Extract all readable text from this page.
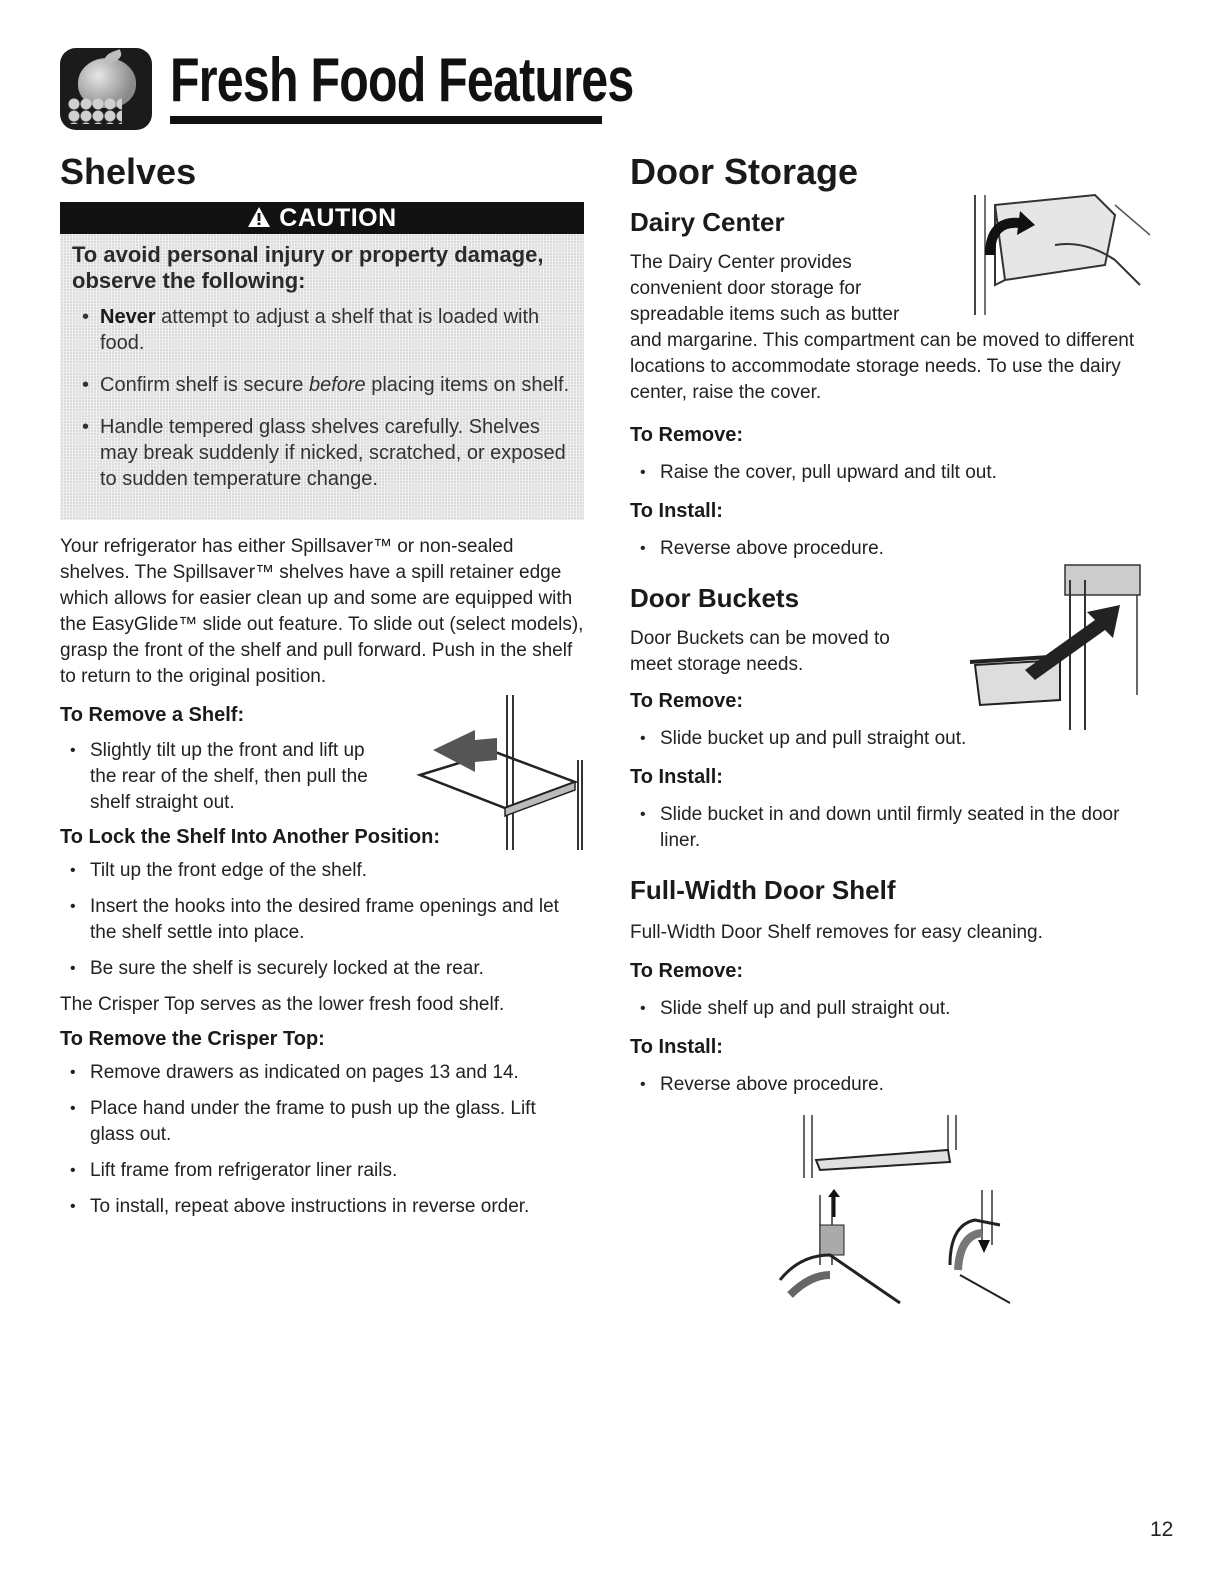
Fresh Food Features
Shelves
CAUTION
To avoid personal injury or property damage, observe the following:
• Never attempt to adjust a shelf that is loaded with food.
• Confirm shelf is secure before placing items on shelf.
• Handle tempered glass shelves carefully. Shelves may break suddenly if nicked, scratched, or exposed to sudden temperature change.

Your refrigerator has either Spillsaver™ or non-sealed shelves. The Spillsaver™ shelves have a spill retainer edge which allows for easier clean up and some are equipped with the EasyGlide™ slide out feature. To slide out (select models), grasp the front of the shelf and pull forward. Push in the shelf to return to the original position.

To Remove a Shelf:
• Slightly tilt up the front and lift up the rear of the shelf, then pull the shelf straight out.
To Lock the Shelf Into Another Position:
• Tilt up the front edge of the shelf.
• Insert the hooks into the desired frame openings and let the shelf settle into place.
• Be sure the shelf is securely locked at the rear.

The Crisper Top serves as the lower fresh food shelf.

To Remove the Crisper Top:
• Remove drawers as indicated on pages 13 and 14.
• Place hand under the frame to push up the glass. Lift glass out.
• Lift frame from refrigerator liner rails.
• To install, repeat above instructions in reverse order.
Door Storage
Dairy Center

The Dairy Center provides convenient door storage for spreadable items such as butter

and margarine. This compartment can be moved to different locations to accommodate storage needs. To use the dairy center, raise the cover.

To Remove:
• Raise the cover, pull upward and tilt out.
To Install:
• Reverse above procedure.
Door Buckets

Door Buckets can be moved to meet storage needs.

To Remove:
• Slide bucket up and pull straight out.
To Install:
• Slide bucket in and down until firmly seated in the door liner.
Full-Width Door Shelf

Full-Width Door Shelf removes for easy cleaning.

To Remove:
• Slide shelf up and pull straight out.
To Install:
• Reverse above procedure.
12
